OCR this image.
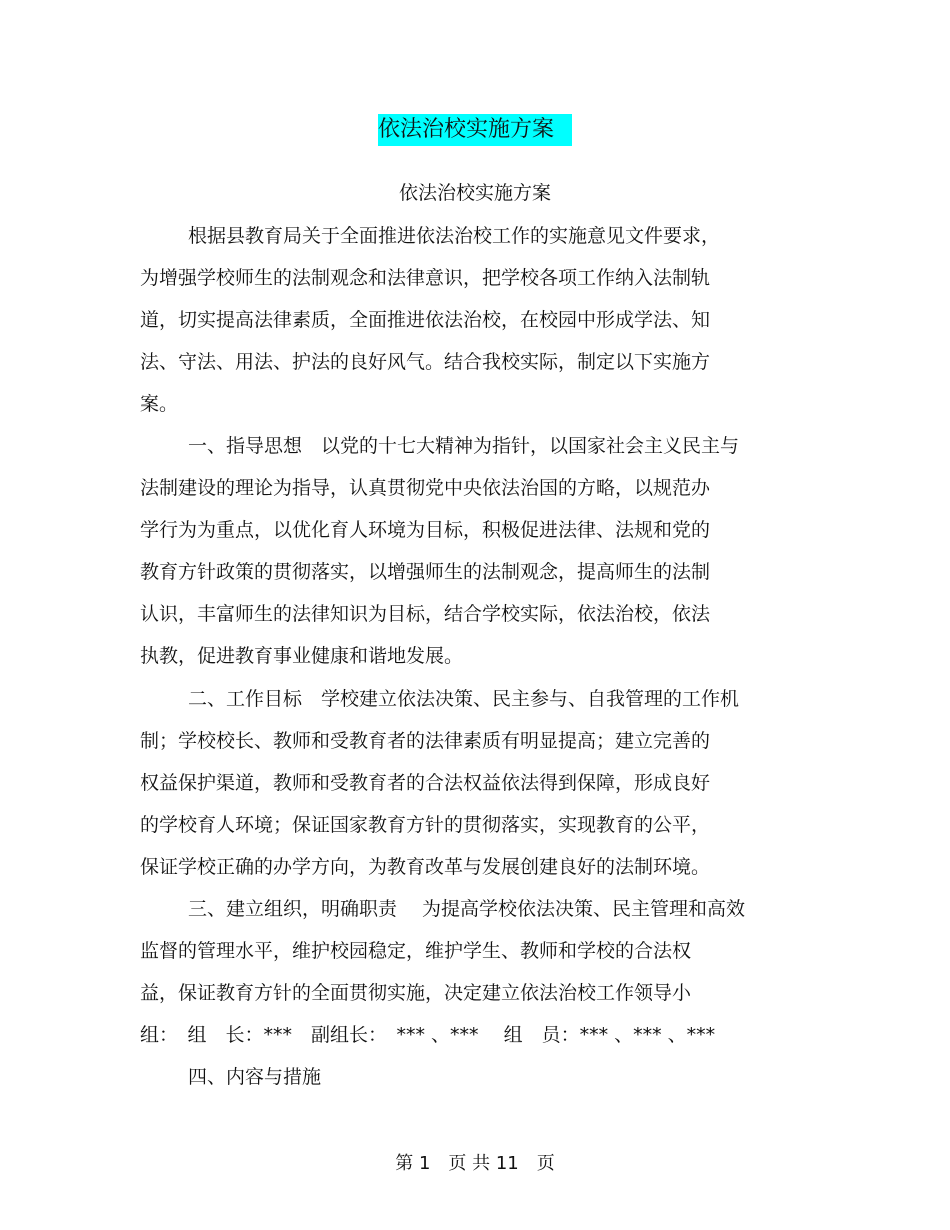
依法治校实施方案
依法治校实施方案
根据县教育局关于全面推进依法治校工作的实施意见文件要求，
为增强学校师生的法制观念和法律意识，把学校各项工作纳入法制轨
道，切实提高法律素质，全面推进依法治校，在校园中形成学法、知
法、守法、用法、护法的良好风气。结合我校实际，制定以下实施方
案。
一、指导思想　以党的十七大精神为指针，以国家社会主义民主与
法制建设的理论为指导，认真贯彻党中央依法治国的方略，以规范办
学行为为重点，以优化育人环境为目标，积极促进法律、法规和党的
教育方针政策的贯彻落实，以增强师生的法制观念，提高师生的法制
认识，丰富师生的法律知识为目标，结合学校实际，依法治校，依法
执教，促进教育事业健康和谐地发展。
二、工作目标　学校建立依法决策、民主参与、自我管理的工作机
制；学校校长、教师和受教育者的法律素质有明显提高；建立完善的
权益保护渠道，教师和受教育者的合法权益依法得到保障，形成良好
的学校育人环境；保证国家教育方针的贯彻落实，实现教育的公平，
保证学校正确的办学方向，为教育改革与发展创建良好的法制环境。
三、建立组织，明确职责　 为提高学校依法决策、民主管理和高效
监督的管理水平，维护校园稳定，维护学生、教师和学校的合法权
益，保证教育方针的全面贯彻实施，决定建立依法治校工作领导小
组：　组　长：***　副组长：　*** 、***　 组　员：*** 、*** 、***
四、内容与措施
第 1　页 共 11　页
